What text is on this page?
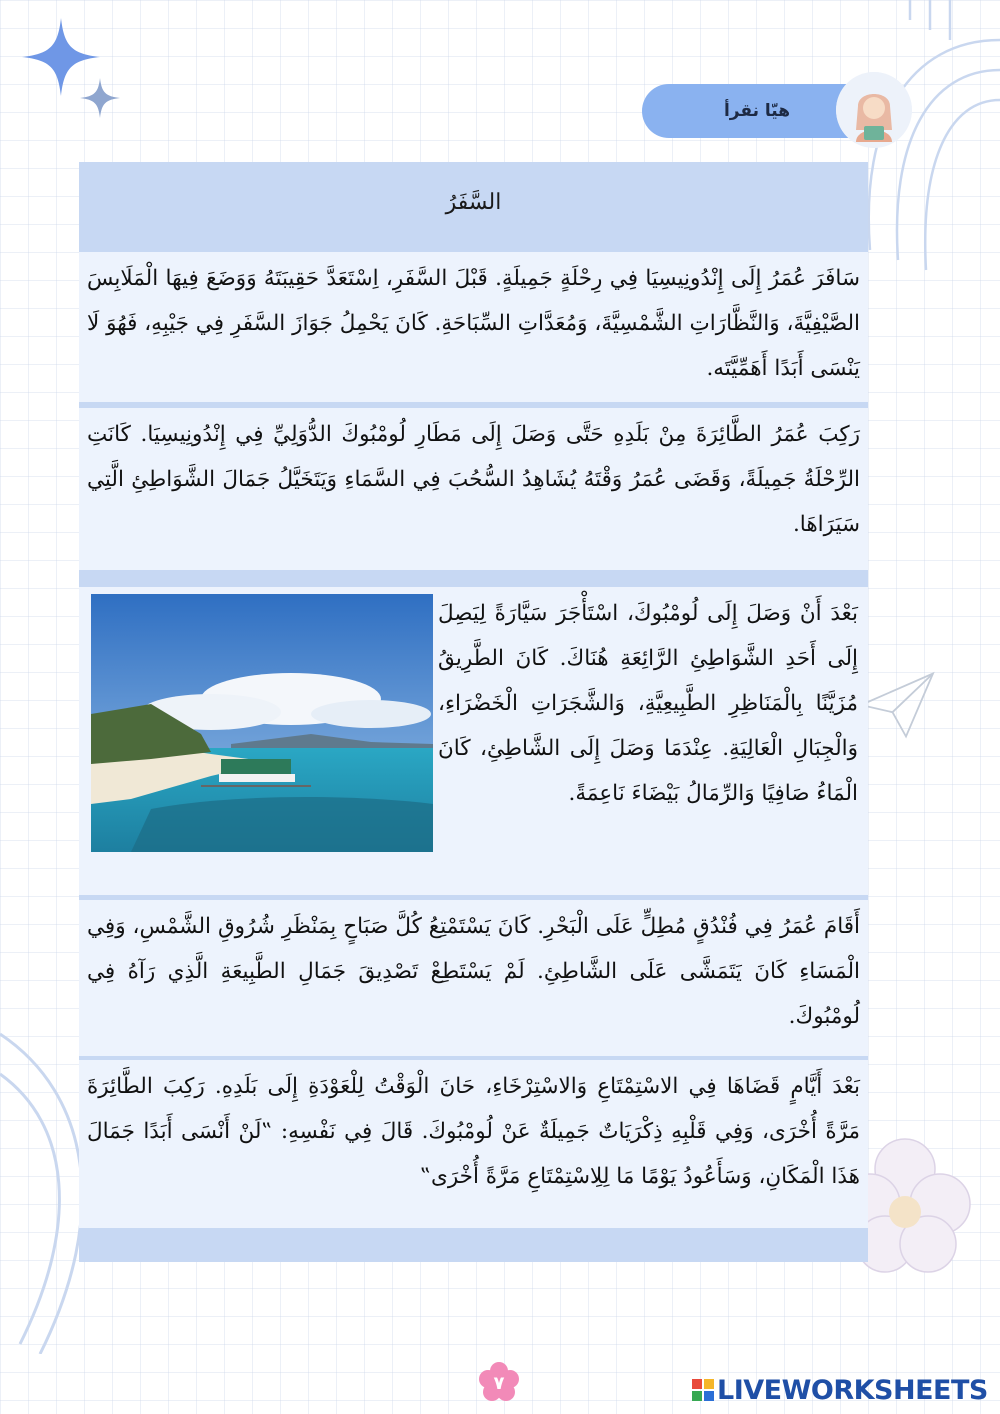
هيّا نقرأ
السَّفَرُ
سَافَرَ عُمَرُ إِلَى إِنْدُونِيسِيَا فِي رِحْلَةٍ جَمِيلَةٍ. قَبْلَ السَّفَرِ، اِسْتَعَدَّ حَقِيبَتَهُ وَوَضَعَ فِيهَا الْمَلَابِسَ الصَّيْفِيَّةَ، وَالنَّظَّارَاتِ الشَّمْسِيَّةَ، وَمُعَدَّاتِ السِّبَاحَةِ. كَانَ يَحْمِلُ جَوَازَ السَّفَرِ فِي جَيْبِهِ، فَهُوَ لَا يَنْسَى أَبَدًا أَهَمِّيَّتَه.
رَكِبَ عُمَرُ الطَّائِرَةَ مِنْ بَلَدِهِ حَتَّى وَصَلَ إِلَى مَطَارِ لُومْبُوكَ الدُّوَلِيِّ فِي إِنْدُونِيسِيَا. كَانَتِ الرِّحْلَةُ جَمِيلَةً، وَقَضَى عُمَرُ وَقْتَهُ يُشَاهِدُ السُّحُبَ فِي السَّمَاءِ وَيَتَخَيَّلُ جَمَالَ الشَّوَاطِئِ الَّتِي سَيَرَاهَا.
بَعْدَ أَنْ وَصَلَ إِلَى لُومْبُوكَ، اسْتَأْجَرَ سَيَّارَةً لِيَصِلَ إِلَى أَحَدِ الشَّوَاطِئِ الرَّائِعَةِ هُنَاكَ. كَانَ الطَّرِيقُ مُزَيَّنًا بِالْمَنَاظِرِ الطَّبِيعِيَّةِ، وَالشَّجَرَاتِ الْخَضْرَاءِ، وَالْجِبَالِ الْعَالِيَةِ. عِنْدَمَا وَصَلَ إِلَى الشَّاطِئِ، كَانَ الْمَاءُ صَافِيًا وَالرِّمَالُ بَيْضَاءَ نَاعِمَةً.
أَقَامَ عُمَرُ فِي فُنْدُقٍ مُطِلٍّ عَلَى الْبَحْرِ. كَانَ يَسْتَمْتِعُ كُلَّ صَبَاحٍ بِمَنْظَرِ شُرُوقِ الشَّمْسِ، وَفِي الْمَسَاءِ كَانَ يَتَمَشَّى عَلَى الشَّاطِئِ. لَمْ يَسْتَطِعْ تَصْدِيقَ جَمَالِ الطَّبِيعَةِ الَّذِي رَآهُ فِي لُومْبُوكَ.
بَعْدَ أَيَّامٍ قَضَاهَا فِي الاسْتِمْتَاعِ وَالاسْتِرْخَاءِ، حَانَ الْوَقْتُ لِلْعَوْدَةِ إِلَى بَلَدِهِ. رَكِبَ الطَّائِرَةَ مَرَّةً أُخْرَى، وَفِي قَلْبِهِ ذِكْرَيَاتٌ جَمِيلَةٌ عَنْ لُومْبُوكَ. قَالَ فِي نَفْسِهِ: ‟لَنْ أَنْسَى أَبَدًا جَمَالَ هَذَا الْمَكَانِ، وَسَأَعُودُ يَوْمًا مَا لِلِاسْتِمْتَاعِ مَرَّةً أُخْرَى‟
٧	LIVEWORKSHEETS
